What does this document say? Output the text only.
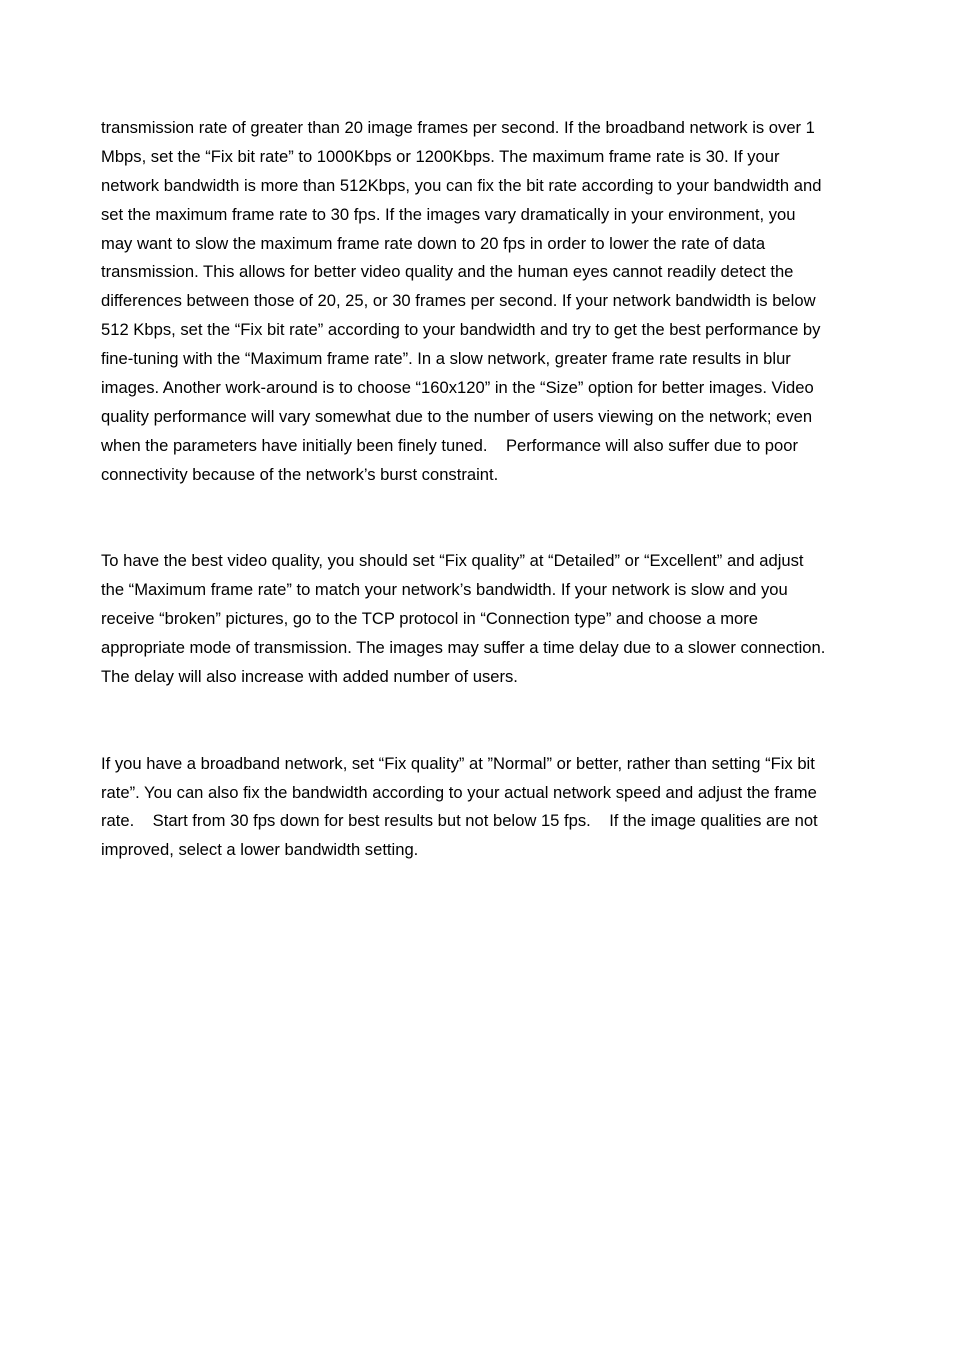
transmission rate of greater than 20 image frames per second. If the broadband network is over 1
Mbps, set the “Fix bit rate” to 1000Kbps or 1200Kbps. The maximum frame rate is 30. If your
network bandwidth is more than 512Kbps, you can fix the bit rate according to your bandwidth and
set the maximum frame rate to 30 fps. If the images vary dramatically in your environment, you
may want to slow the maximum frame rate down to 20 fps in order to lower the rate of data
transmission. This allows for better video quality and the human eyes cannot readily detect the
differences between those of 20, 25, or 30 frames per second. If your network bandwidth is below
512 Kbps, set the “Fix bit rate” according to your bandwidth and try to get the best performance by
fine-tuning with the “Maximum frame rate”. In a slow network, greater frame rate results in blur
images. Another work-around is to choose “160x120” in the “Size” option for better images. Video
quality performance will vary somewhat due to the number of users viewing on the network; even
when the parameters have initially been finely tuned.    Performance will also suffer due to poor
connectivity because of the network’s burst constraint.
To have the best video quality, you should set “Fix quality” at “Detailed” or “Excellent” and adjust
the “Maximum frame rate” to match your network’s bandwidth. If your network is slow and you
receive “broken” pictures, go to the TCP protocol in “Connection type” and choose a more
appropriate mode of transmission. The images may suffer a time delay due to a slower connection.
The delay will also increase with added number of users.
If you have a broadband network, set “Fix quality” at ”Normal” or better, rather than setting “Fix bit
rate”. You can also fix the bandwidth according to your actual network speed and adjust the frame
rate.    Start from 30 fps down for best results but not below 15 fps.    If the image qualities are not
improved, select a lower bandwidth setting.
